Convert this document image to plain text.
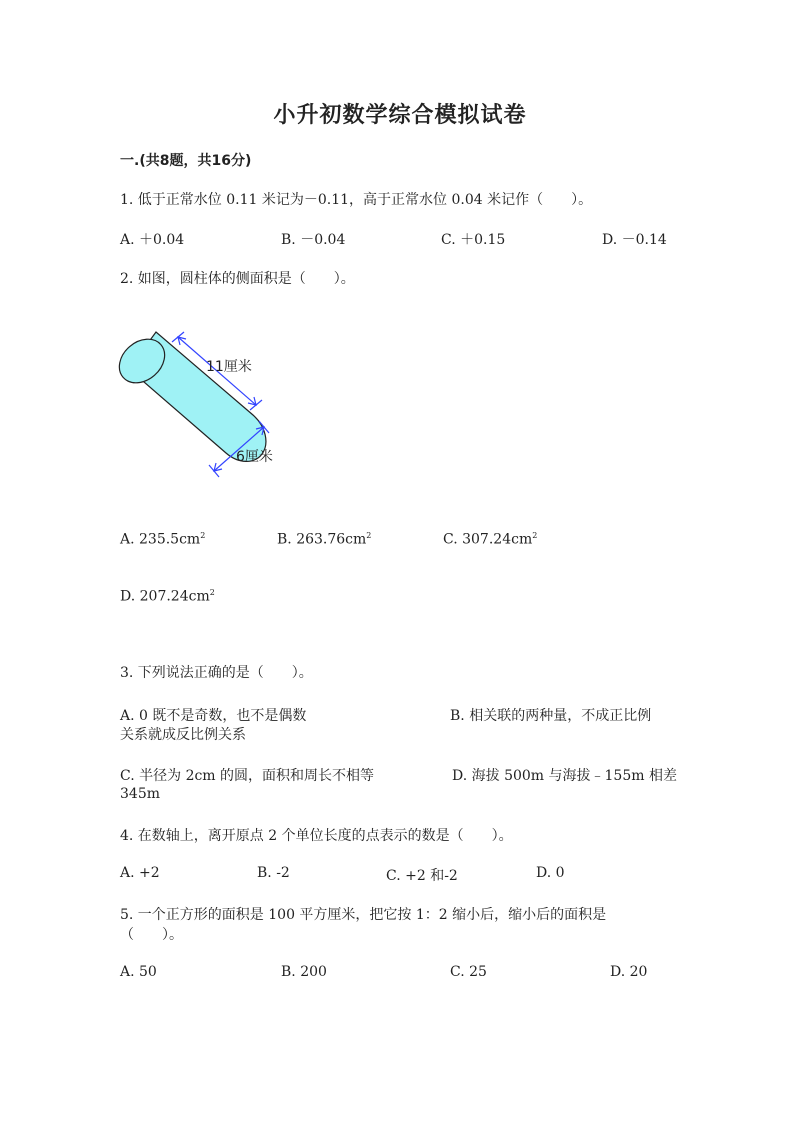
小升初数学综合模拟试卷
一.(共8题，共16分)
1. 低于正常水位 0.11 米记为－0.11，高于正常水位 0.04 米记作（　　）。
A. ＋0.04	B. －0.04	C. ＋0.15	D. －0.14
2. 如图，圆柱体的侧面积是（　　）。
11厘米
6厘米
A. $235.5cm^2$	B. $263.76cm^2$	C. $307.24cm^2$
D. $207.24cm^2$
3. 下列说法正确的是（　　）。
A. 0 既不是奇数，也不是偶数	B. 相关联的两种量，不成正比例
关系就成反比例关系
C. 半径为 2cm 的圆，面积和周长不相等	D. 海拔 500m 与海拔﹣155m 相差
345m
4. 在数轴上，离开原点 2 个单位长度的点表示的数是（　　）。
A. +2	B. -2	C. +2 和-2	D. 0
5. 一个正方形的面积是 100 平方厘米，把它按 1：2 缩小后，缩小后的面积是
（　　）。
A. 50	B. 200	C. 25	D. 20
